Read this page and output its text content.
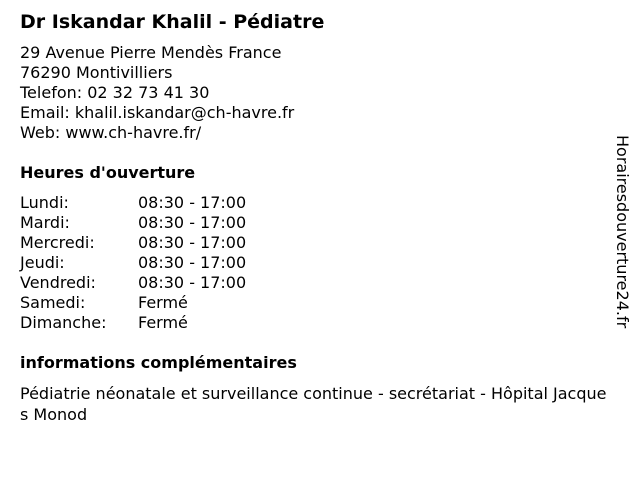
Dr Iskandar Khalil - Pédiatre
29 Avenue Pierre Mendès France
76290 Montivilliers
Telefon: 02 32 73 41 30
Email: khalil.iskandar@ch-havre.fr
Web: www.ch-havre.fr/
Heures d'ouverture
Lundi:	08:30 - 17:00
Mardi:	08:30 - 17:00
Mercredi:	08:30 - 17:00
Jeudi:	08:30 - 17:00
Vendredi:	08:30 - 17:00
Samedi:	Fermé
Dimanche:	Fermé
informations complémentaires
Pédiatrie néonatale et surveillance continue - secrétariat - Hôpital Jacques Monod
Horairesdouverture24.fr
